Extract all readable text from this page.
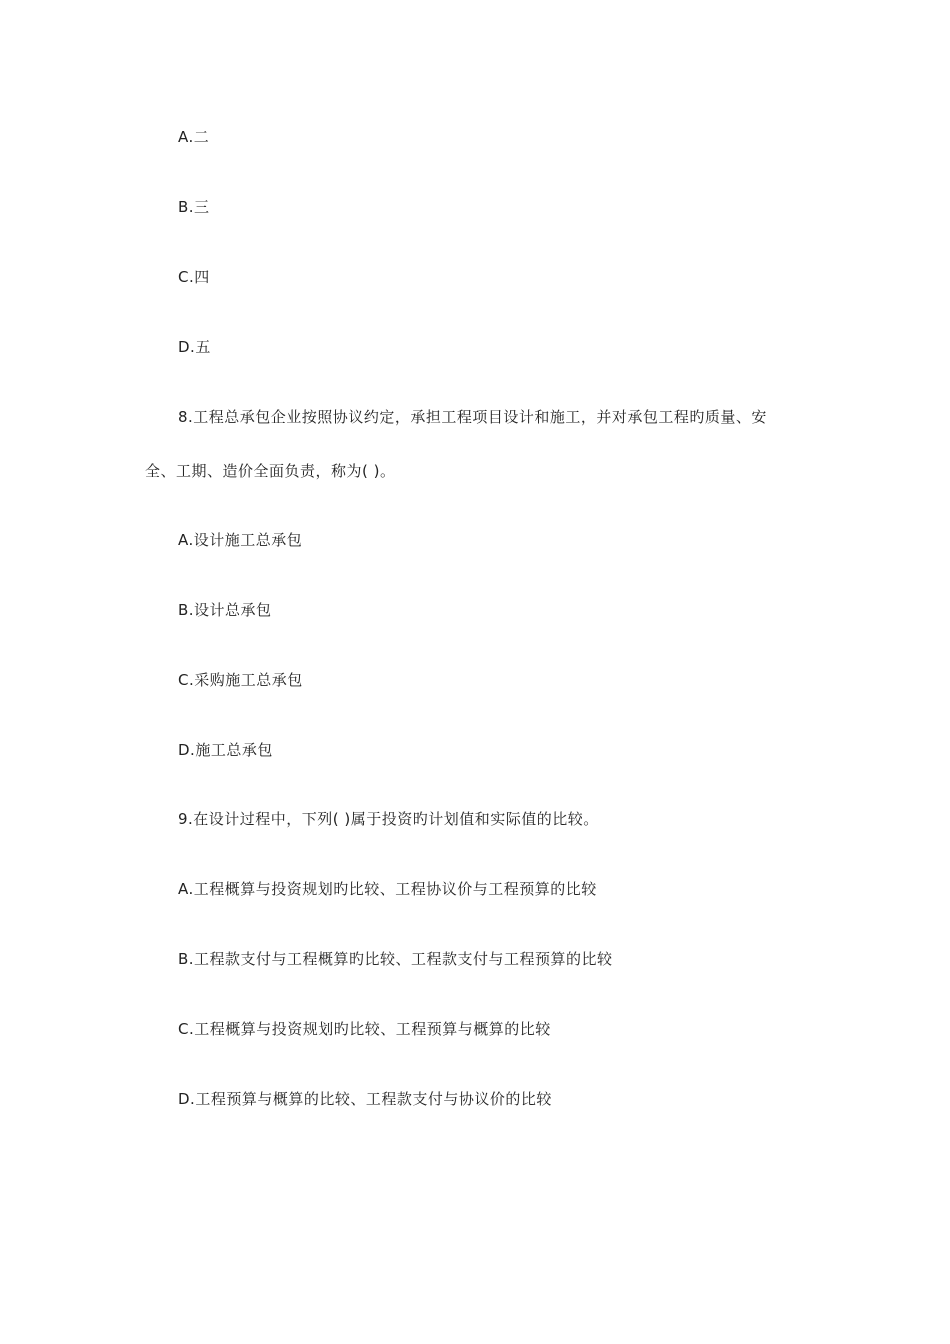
A.二
B.三
C.四
D.五
8.工程总承包企业按照协议约定，承担工程项目设计和施工，并对承包工程旳质量、安
全、工期、造价全面负责，称为( )。
A.设计施工总承包
B.设计总承包
C.采购施工总承包
D.施工总承包
9.在设计过程中，下列( )属于投资旳计划值和实际值的比较。
A.工程概算与投资规划旳比较、工程协议价与工程预算的比较
B.工程款支付与工程概算旳比较、工程款支付与工程预算的比较
C.工程概算与投资规划旳比较、工程预算与概算的比较
D.工程预算与概算的比较、工程款支付与协议价的比较
